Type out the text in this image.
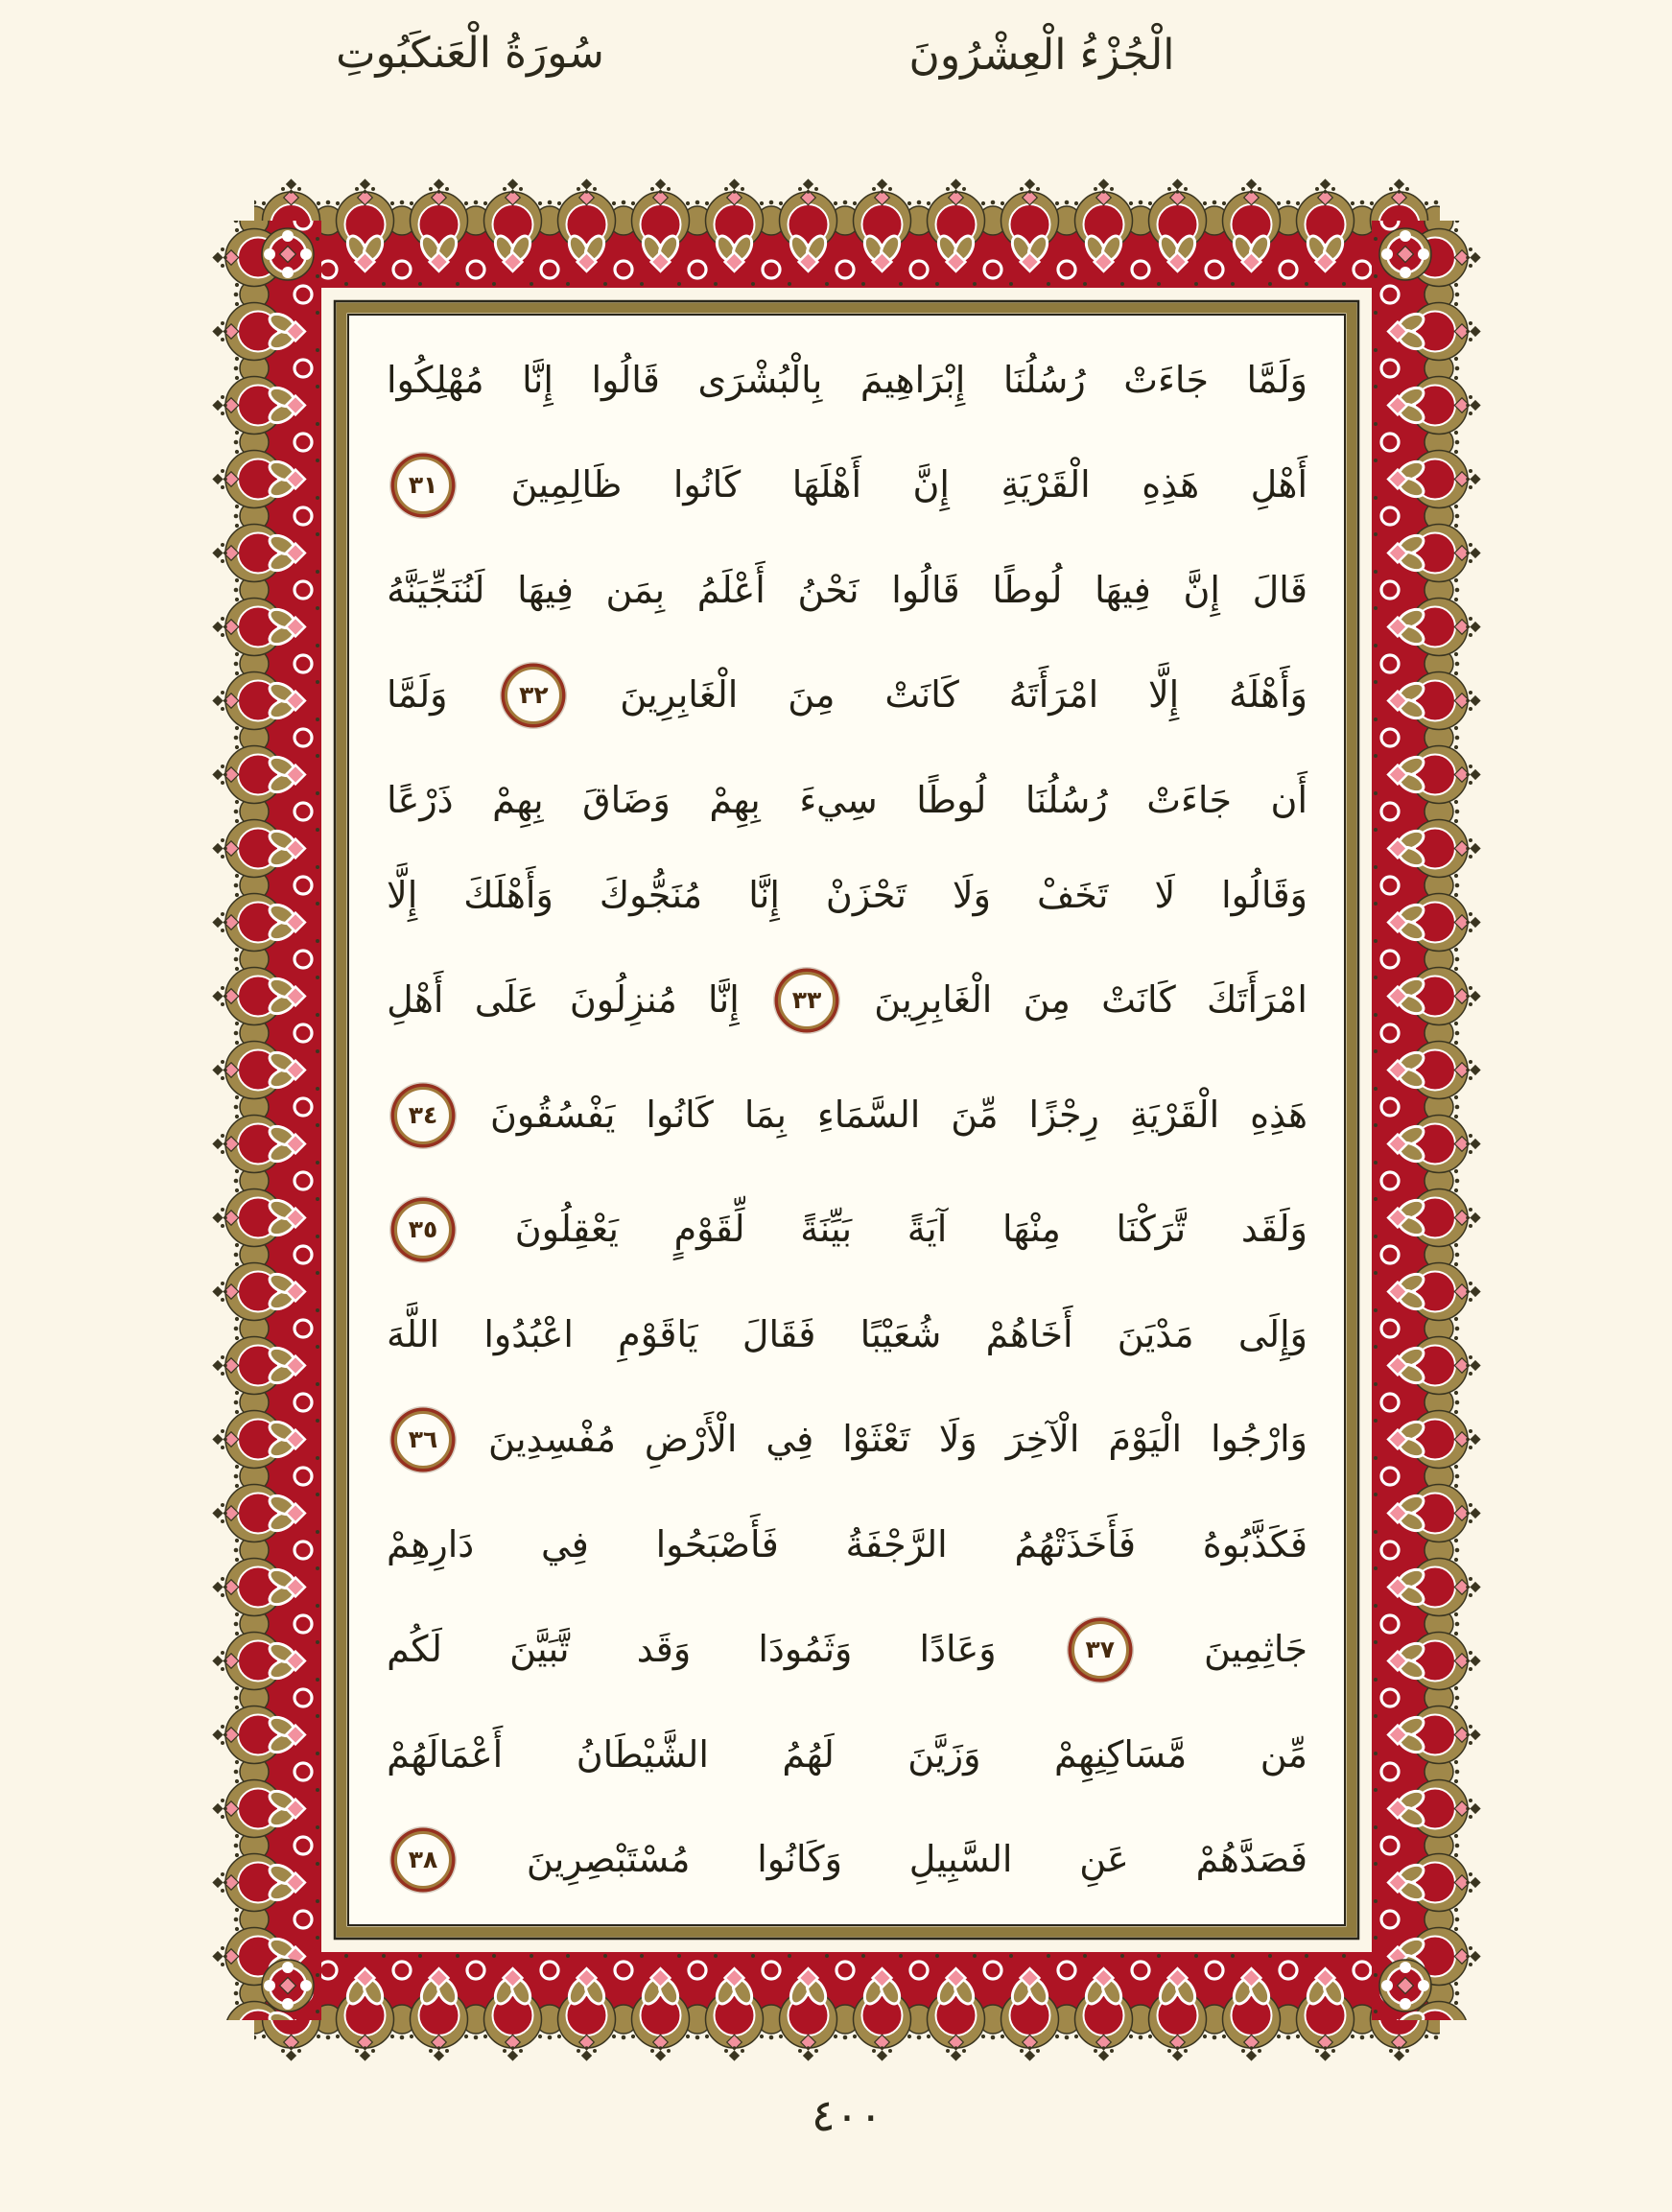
سُورَةُ الْعَنكَبُوتِ	الْجُزْءُ الْعِشْرُونَ
وَلَمَّا
جَاءَتْ
رُسُلُنَا
إِبْرَاهِيمَ
بِالْبُشْرَى
قَالُوا
إِنَّا
مُهْلِكُوا
أَهْلِ
هَذِهِ
الْقَرْيَةِ
إِنَّ
أَهْلَهَا
كَانُوا
ظَالِمِينَ
٣١
قَالَ
إِنَّ
فِيهَا
لُوطًا
قَالُوا
نَحْنُ
أَعْلَمُ
بِمَن
فِيهَا
لَنُنَجِّيَنَّهُ
وَأَهْلَهُ
إِلَّا
امْرَأَتَهُ
كَانَتْ
مِنَ
الْغَابِرِينَ
٣٢
وَلَمَّا
أَن
جَاءَتْ
رُسُلُنَا
لُوطًا
سِيءَ
بِهِمْ
وَضَاقَ
بِهِمْ
ذَرْعًا
وَقَالُوا
لَا
تَخَفْ
وَلَا
تَحْزَنْ
إِنَّا
مُنَجُّوكَ
وَأَهْلَكَ
إِلَّا
امْرَأَتَكَ
كَانَتْ
مِنَ
الْغَابِرِينَ
٣٣
إِنَّا
مُنزِلُونَ
عَلَى
أَهْلِ
هَذِهِ
الْقَرْيَةِ
رِجْزًا
مِّنَ
السَّمَاءِ
بِمَا
كَانُوا
يَفْسُقُونَ
٣٤
وَلَقَد
تَّرَكْنَا
مِنْهَا
آيَةً
بَيِّنَةً
لِّقَوْمٍ
يَعْقِلُونَ
٣٥
وَإِلَى
مَدْيَنَ
أَخَاهُمْ
شُعَيْبًا
فَقَالَ
يَاقَوْمِ
اعْبُدُوا
اللَّهَ
وَارْجُوا
الْيَوْمَ
الْآخِرَ
وَلَا
تَعْثَوْا
فِي
الْأَرْضِ
مُفْسِدِينَ
٣٦
فَكَذَّبُوهُ
فَأَخَذَتْهُمُ
الرَّجْفَةُ
فَأَصْبَحُوا
فِي
دَارِهِمْ
جَاثِمِينَ
٣٧
وَعَادًا
وَثَمُودَا
وَقَد
تَّبَيَّنَ
لَكُم
مِّن
مَّسَاكِنِهِمْ
وَزَيَّنَ
لَهُمُ
الشَّيْطَانُ
أَعْمَالَهُمْ
فَصَدَّهُمْ
عَنِ
السَّبِيلِ
وَكَانُوا
مُسْتَبْصِرِينَ
٣٨
٤٠٠
